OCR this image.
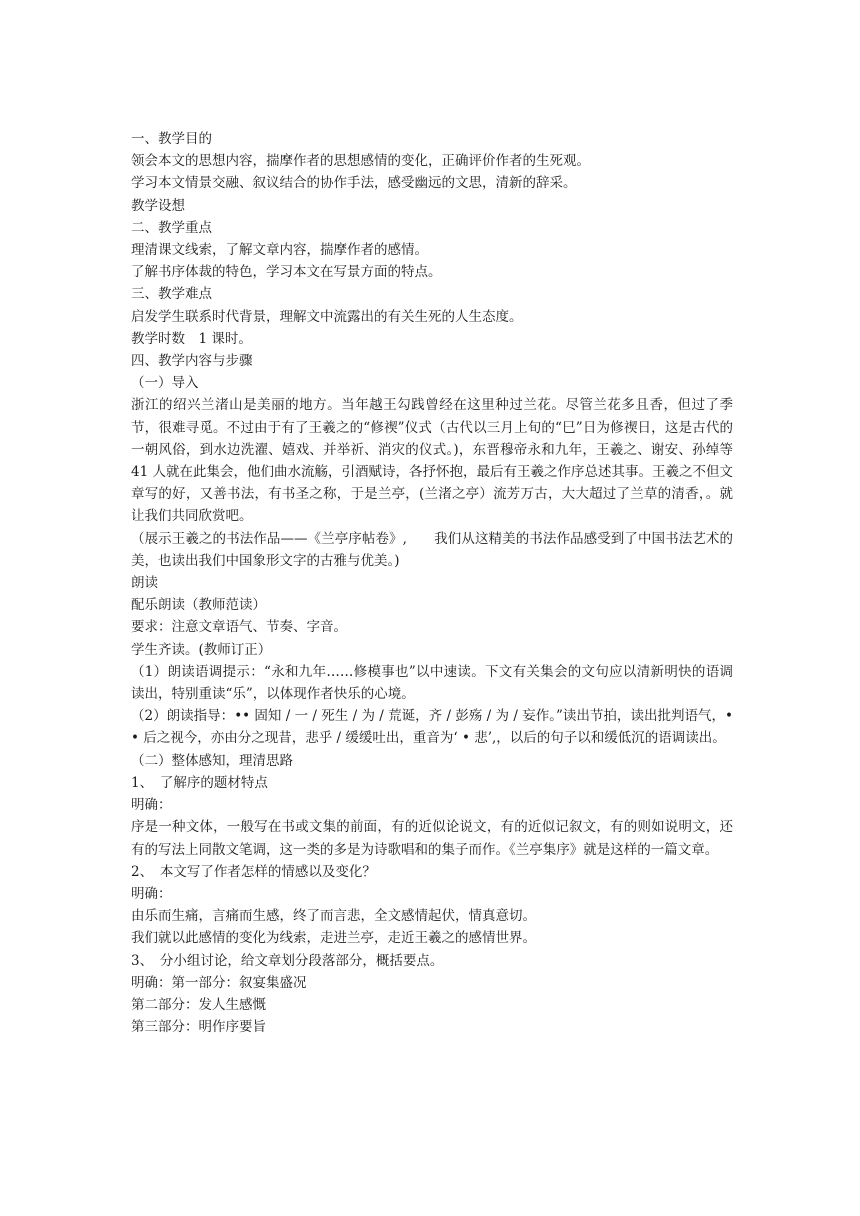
一、教学目的

领会本文的思想内容，揣摩作者的思想感情的变化，正确评价作者的生死观。

学习本文情景交融、叙议结合的协作手法，感受幽远的文思，清新的辞采。

教学设想

二、教学重点

理清课文线索，了解文章内容，揣摩作者的感情。

了解书序体裁的特色，学习本文在写景方面的特点。

三、教学难点

启发学生联系时代背景，理解文中流露出的有关生死的人生态度。

教学时数　1 课时。

四、教学内容与步骤

（一）导入

浙江的绍兴兰渚山是美丽的地方。当年越王勾践曾经在这里种过兰花。尽管兰花多且香，但过了季节，很难寻觅。不过由于有了王羲之的“修禊”仪式（古代以三月上旬的“巳”日为修禊日，这是古代的一朝风俗，到水边洗濯、嬉戏、并举祈、消灾的仪式。)，东晋穆帝永和九年，王羲之、谢安、孙绰等 41 人就在此集会，他们曲水流觞，引酒赋诗，各抒怀抱，最后有王羲之作序总述其事。王羲之不但文章写的好，又善书法，有书圣之称，于是兰亭，(兰渚之亭）流芳万古，大大超过了兰草的清香，。就让我们共同欣赏吧。

（展示王羲之的书法作品——《兰亭序帖卷》,　　我们从这精美的书法作品感受到了中国书法艺术的美，也读出我们中国象形文字的古雅与优美。)

朗读

配乐朗读（教师范读）

要求：注意文章语气、节奏、字音。

学生齐读。(教师订正）

（1）朗读语调提示：“永和九年……修模事也”以中速读。下文有关集会的文句应以清新明快的语调读出，特别重读“乐”，以体现作者快乐的心境。

（2）朗读指导：•• 固知 / 一 / 死生 / 为 / 荒诞，齐 / 彭殇 / 为 / 妄作。”读出节拍，读出批判语气，•• 后之视今，亦由分之现昔，悲乎 / 缓缓吐出，重音为‘ • 悲’,，以后的句子以和缓低沉的语调读出。

（二）整体感知，理清思路

1、　了解序的题材特点

明确：

序是一种文体，一般写在书或文集的前面，有的近似论说文，有的近似记叙文，有的则如说明文，还有的写法上同散文笔调，这一类的多是为诗歌唱和的集子而作。《兰亭集序》就是这样的一篇文章。

2、　本文写了作者怎样的情感以及变化？

明确：

由乐而生痛，言痛而生感，终了而言悲，全文感情起伏，情真意切。

我们就以此感情的变化为线索，走进兰亭，走近王羲之的感情世界。

3、　分小组讨论，给文章划分段落部分，概括要点。

明确：第一部分：叙宴集盛况

第二部分：发人生感慨

第三部分：明作序要旨
